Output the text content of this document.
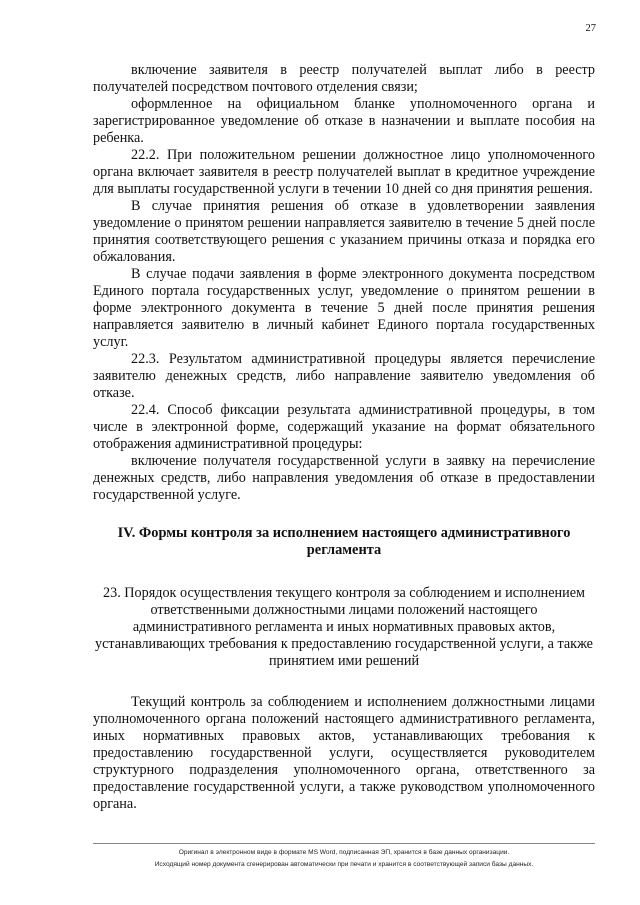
27

включение заявителя в реестр получателей выплат либо в реестр получателей посредством почтового отделения связи;

оформленное на официальном бланке уполномоченного органа и зарегистрированное уведомление об отказе в назначении и выплате пособия на ребенка.

22.2. При положительном решении должностное лицо уполномоченного органа включает заявителя в реестр получателей выплат в кредитное учреждение для выплаты государственной услуги в течении 10 дней со дня принятия решения.

В случае принятия решения об отказе в удовлетворении заявления уведомление о принятом решении направляется заявителю в течение 5 дней после принятия соответствующего решения с указанием причины отказа и порядка его обжалования.

В случае подачи заявления в форме электронного документа посредством Единого портала государственных услуг, уведомление о принятом решении в форме электронного документа в течение 5 дней после принятия решения направляется заявителю в личный кабинет Единого портала государственных услуг.

22.3. Результатом административной процедуры является перечисление заявителю денежных средств, либо направление заявителю уведомления об отказе.

22.4. Способ фиксации результата административной процедуры, в том числе в электронной форме, содержащий указание на формат обязательного отображения административной процедуры:

включение получателя государственной услуги в заявку на перечисление денежных средств, либо направления уведомления об отказе в предоставлении государственной услуге.

IV. Формы контроля за исполнением настоящего административного регламента

23. Порядок осуществления текущего контроля за соблюдением и исполнением ответственными должностными лицами положений настоящего административного регламента и иных нормативных правовых актов, устанавливающих требования к предоставлению государственной услуги, а также принятием ими решений

Текущий контроль за соблюдением и исполнением должностными лицами уполномоченного органа положений настоящего административного регламента, иных нормативных правовых актов, устанавливающих требования к предоставлению государственной услуги, осуществляется руководителем структурного подразделения уполномоченного органа, ответственного за предоставление государственной услуги, а также руководством уполномоченного органа.

Оригинал в электронном виде в формате MS Word, подписанная ЭП, хранится в базе данных организации.
Исходящий номер документа сгенерирован автоматически при печати и хранится в соответствующей записи базы данных.
